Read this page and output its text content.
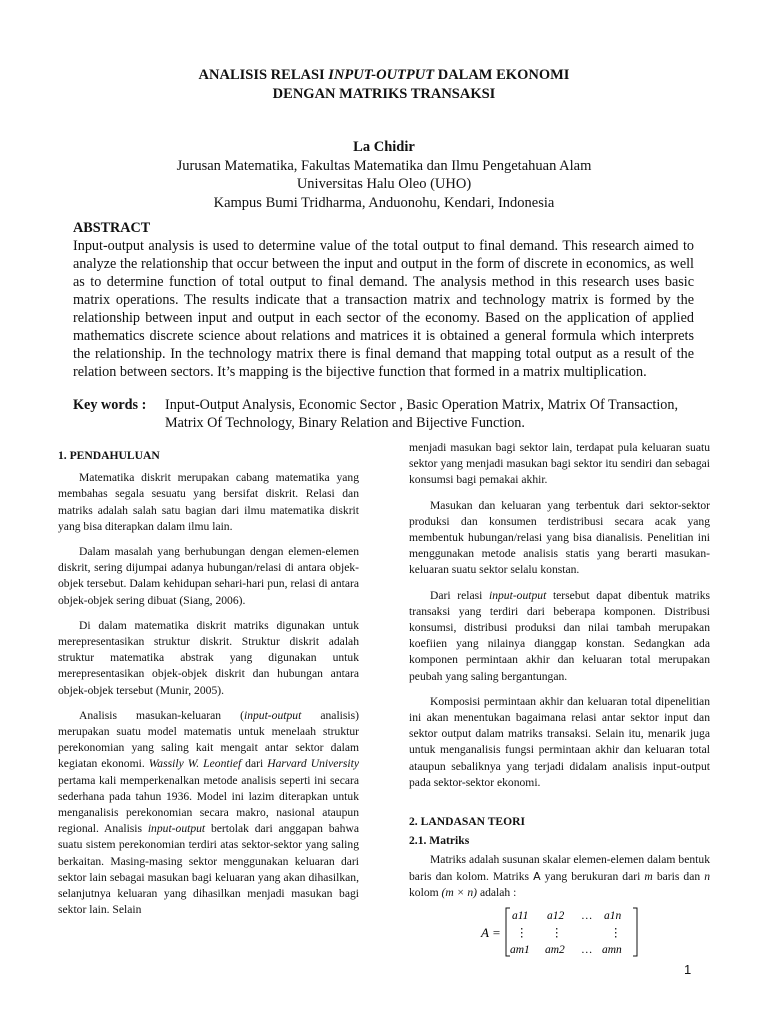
ANALISIS RELASI INPUT-OUTPUT DALAM EKONOMI
DENGAN MATRIKS TRANSAKSI
La Chidir
Jurusan Matematika, Fakultas Matematika dan Ilmu Pengetahuan Alam
Universitas Halu Oleo (UHO)
Kampus Bumi Tridharma, Anduonohu, Kendari, Indonesia
ABSTRACT
Input-output analysis is used to determine value of the total output to final demand. This research aimed to analyze the relationship that occur between the input and output in the form of discrete in economics, as well as to determine function of total output to final demand. The analysis method in this research uses basic matrix operations. The results indicate that a transaction matrix and technology matrix is formed by the relationship between input and output in each sector of the economy. Based on the application of applied mathematics discrete science about relations and matrices it is obtained a general formula which interprets the relationship. In the technology matrix there is final demand that mapping total output as a result of the relation between sectors. It’s mapping is the bijective function that formed in a matrix multiplication.
Key words : Input-Output Analysis, Economic Sector , Basic Operation Matrix, Matrix Of Transaction, Matrix Of Technology, Binary Relation and Bijective Function.
1. PENDAHULUAN

Matematika diskrit merupakan cabang matematika yang membahas segala sesuatu yang bersifat diskrit. Relasi dan matriks adalah salah satu bagian dari ilmu matematika diskrit yang bisa diterapkan dalam ilmu lain.

Dalam masalah yang berhubungan dengan elemen-elemen diskrit, sering dijumpai adanya hubungan/relasi di antara objek-objek tersebut. Dalam kehidupan sehari-hari pun, relasi di antara objek-objek sering dibuat (Siang, 2006).

Di dalam matematika diskrit matriks digunakan untuk merepresentasikan struktur diskrit. Struktur diskrit adalah struktur matematika abstrak yang digunakan untuk merepresentasikan objek-objek diskrit dan hubungan antara objek-objek tersebut (Munir, 2005).

Analisis masukan-keluaran (input-output analisis) merupakan suatu model matematis untuk menelaah struktur perekonomian yang saling kait mengait antar sektor dalam kegiatan ekonomi. Wassily W. Leontief dari Harvard University pertama kali memperkenalkan metode analisis seperti ini secara sederhana pada tahun 1936. Model ini lazim diterapkan untuk menganalisis perekonomian secara makro, nasional ataupun regional. Analisis input-output bertolak dari anggapan bahwa suatu sistem perekonomian terdiri atas sektor-sektor yang saling berkaitan. Masing-masing sektor menggunakan keluaran dari sektor lain sebagai masukan bagi keluaran yang akan dihasilkan, selanjutnya keluaran yang dihasilkan menjadi masukan bagi sektor lain. Selain

menjadi masukan bagi sektor lain, terdapat pula keluaran suatu sektor yang menjadi masukan bagi sektor itu sendiri dan sebagai konsumsi bagi pemakai akhir.

Masukan dan keluaran yang terbentuk dari sektor-sektor produksi dan konsumen terdistribusi secara acak yang membentuk hubungan/relasi yang bisa dianalisis. Penelitian ini menggunakan metode analisis statis yang berarti masukan-keluaran suatu sektor selalu konstan.

Dari relasi input-output tersebut dapat dibentuk matriks transaksi yang terdiri dari beberapa komponen. Distribusi konsumsi, distribusi produksi dan nilai tambah merupakan koefiien yang nilainya dianggap konstan. Sedangkan ada komponen permintaan akhir dan keluaran total merupakan peubah yang saling bergantungan.

Komposisi permintaan akhir dan keluaran total dipenelitian ini akan menentukan bagaimana relasi antar sektor input dan sektor output dalam matriks transaksi. Selain itu, menarik juga untuk menganalisis fungsi permintaan akhir dan keluaran total ataupun sebaliknya yang terjadi didalam analisis input-output pada sektor-sektor ekonomi.

2. LANDASAN TEORI
2.1. Matriks

Matriks adalah susunan skalar elemen-elemen dalam bentuk baris dan kolom. Matriks A yang berukuran dari m baris dan n kolom (m × n) adalah :

A =
a11 a12 … a1n
⋮ ⋮	⋮
am1 am2 … amn
1
